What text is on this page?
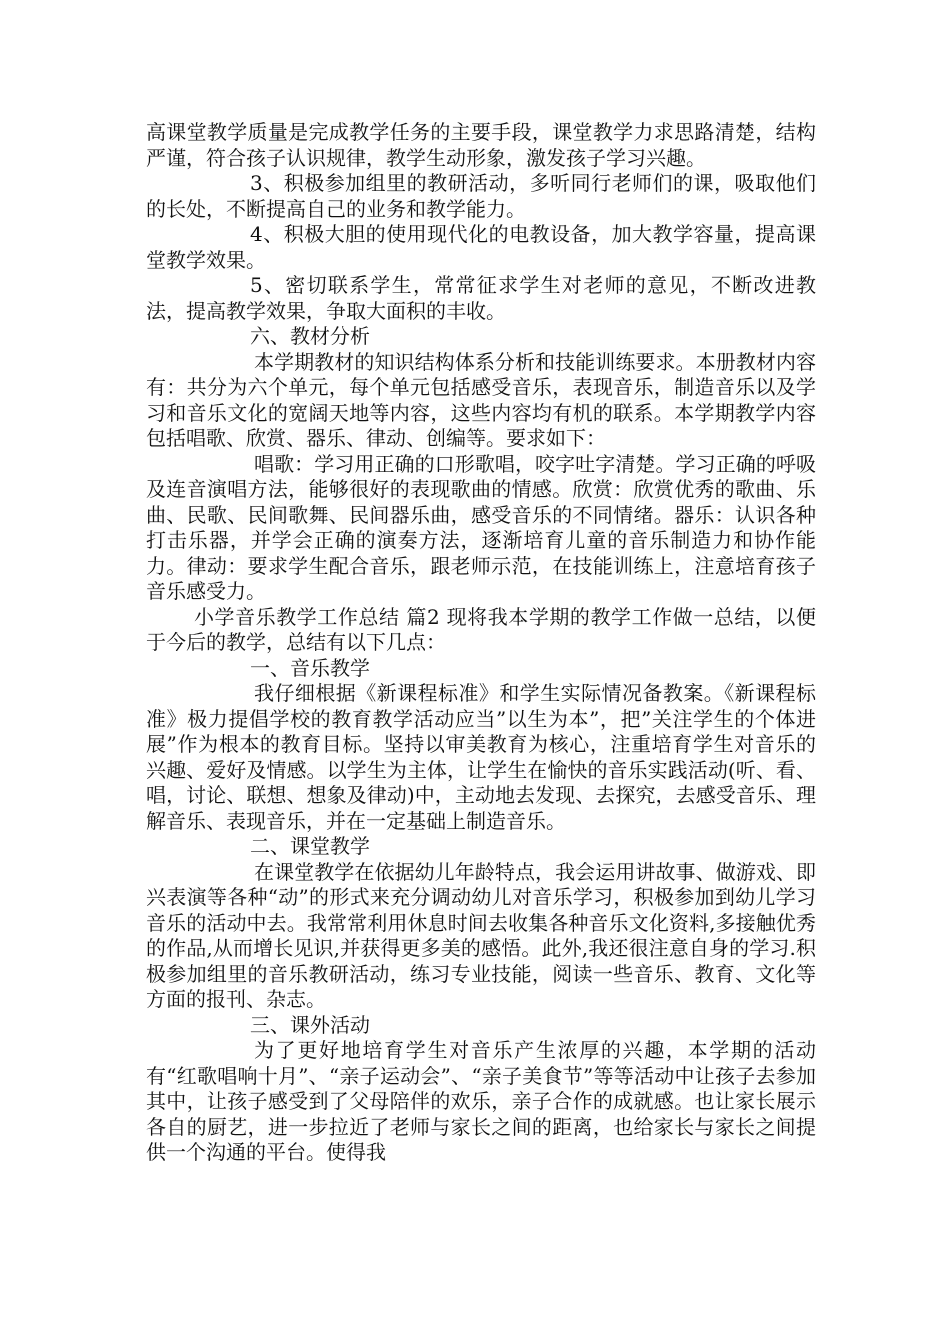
高课堂教学质量是完成教学任务的主要手段，课堂教学力求思路清楚，结构严谨，符合孩子认识规律，教学生动形象，激发孩子学习兴趣。

3、积极参加组里的教研活动，多听同行老师们的课，吸取他们的长处，不断提高自己的业务和教学能力。

4、积极大胆的使用现代化的电教设备，加大教学容量，提高课堂教学效果。

5、密切联系学生，常常征求学生对老师的意见，不断改进教法，提高教学效果，争取大面积的丰收。

六、教材分析

本学期教材的知识结构体系分析和技能训练要求。本册教材内容有：共分为六个单元，每个单元包括感受音乐，表现音乐，制造音乐以及学习和音乐文化的宽阔天地等内容，这些内容均有机的联系。本学期教学内容包括唱歌、欣赏、器乐、律动、创编等。要求如下：

唱歌：学习用正确的口形歌唱，咬字吐字清楚。学习正确的呼吸及连音演唱方法，能够很好的表现歌曲的情感。欣赏：欣赏优秀的歌曲、乐曲、民歌、民间歌舞、民间器乐曲，感受音乐的不同情绪。器乐：认识各种打击乐器，并学会正确的演奏方法，逐渐培育儿童的音乐制造力和协作能力。律动：要求学生配合音乐，跟老师示范，在技能训练上，注意培育孩子音乐感受力。

小学音乐教学工作总结 篇2 现将我本学期的教学工作做一总结，以便于今后的教学，总结有以下几点：

一、音乐教学

我仔细根据《新课程标准》和学生实际情况备教案。《新课程标准》极力提倡学校的教育教学活动应当”以生为本”，把”关注学生的个体进展”作为根本的教育目标。坚持以审美教育为核心，注重培育学生对音乐的兴趣、爱好及情感。以学生为主体，让学生在愉快的音乐实践活动(听、看、唱，讨论、联想、想象及律动)中，主动地去发现、去探究，去感受音乐、理解音乐、表现音乐，并在一定基础上制造音乐。

二、课堂教学

在课堂教学在依据幼儿年龄特点，我会运用讲故事、做游戏、即兴表演等各种“动”的形式来充分调动幼儿对音乐学习，积极参加到幼儿学习音乐的活动中去。我常常利用休息时间去收集各种音乐文化资料,多接触优秀的作品,从而增长见识,并获得更多美的感悟。此外,我还很注意自身的学习.积极参加组里的音乐教研活动，练习专业技能，阅读一些音乐、教育、文化等方面的报刊、杂志。

三、课外活动

为了更好地培育学生对音乐产生浓厚的兴趣，本学期的活动有“红歌唱响十月”、“亲子运动会”、“亲子美食节”等等活动中让孩子去参加其中，让孩子感受到了父母陪伴的欢乐，亲子合作的成就感。也让家长展示各自的厨艺，进一步拉近了老师与家长之间的距离，也给家长与家长之间提供一个沟通的平台。使得我
